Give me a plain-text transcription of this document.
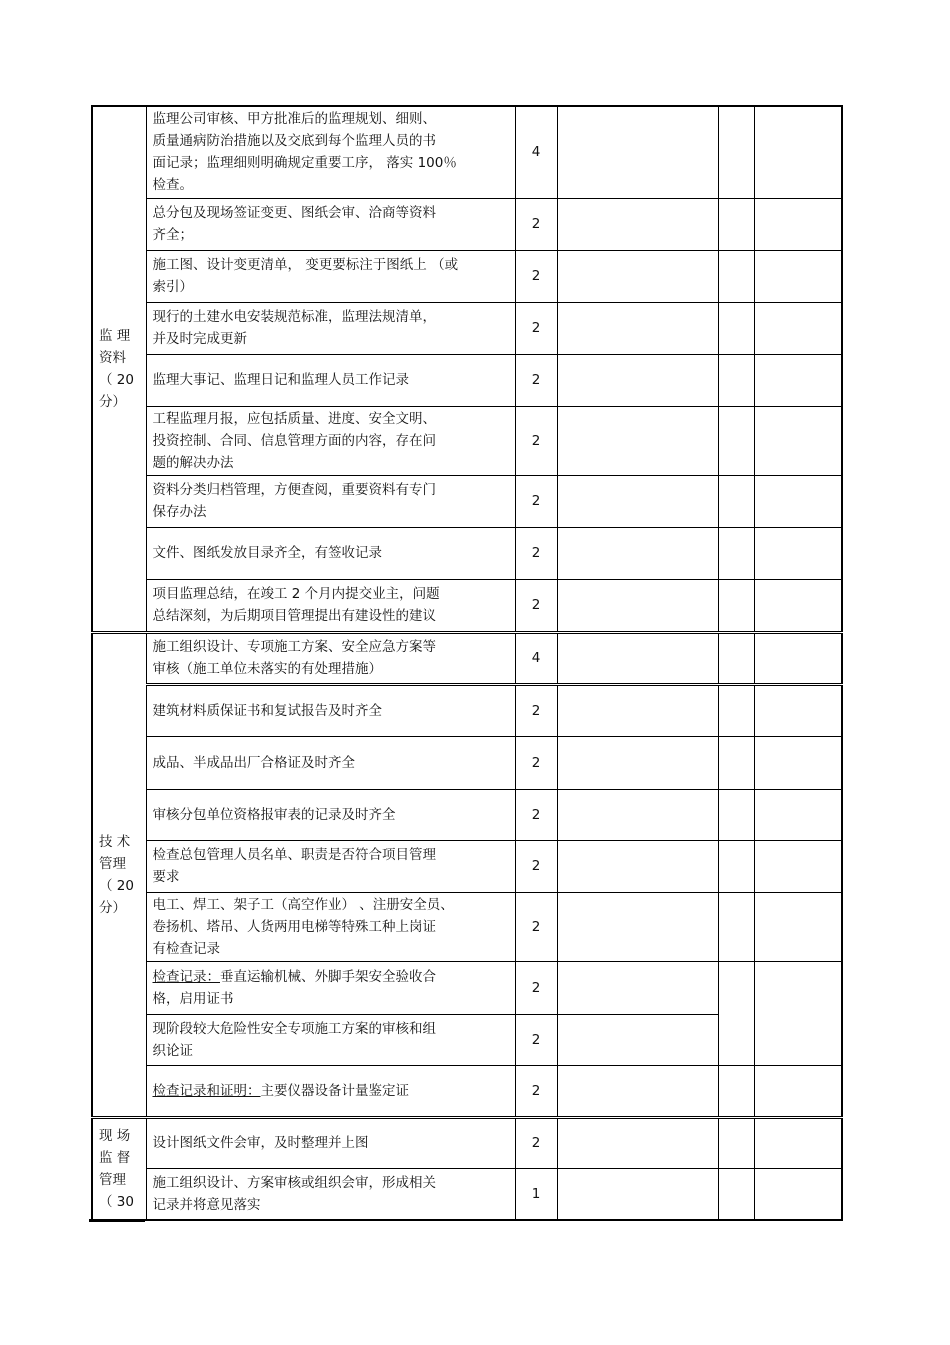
监 理
资料
（ 20
分）	监理公司审核、甲方批准后的监理规划、细则、
质量通病防治措施以及交底到每个监理人员的书
面记录；监理细则明确规定重要工序， 落实 100％
检查。	4			

	总分包及现场签证变更、图纸会审、洽商等资料
齐全；	2			

	施工图、设计变更清单， 变更要标注于图纸上 （或
索引）	2			

	现行的土建水电安装规范标准，监理法规清单，
并及时完成更新	2			

	监理大事记、监理日记和监理人员工作记录	2			

	工程监理月报，应包括质量、进度、安全文明、
投资控制、合同、信息管理方面的内容，存在问
题的解决办法	2			

	资料分类归档管理，方便查阅，重要资料有专门
保存办法	2			

	文件、图纸发放目录齐全，有签收记录	2			

	项目监理总结，在竣工 2 个月内提交业主，问题
总结深刻，为后期项目管理提出有建设性的建议	2			

技 术
管理
（ 20
分）	施工组织设计、专项施工方案、安全应急方案等
审核（施工单位未落实的有处理措施）	4			

	建筑材料质保证书和复试报告及时齐全	2			

	成品、半成品出厂合格证及时齐全	2			

	审核分包单位资格报审表的记录及时齐全	2			

	检查总包管理人员名单、职责是否符合项目管理
要求	2			

	电工、焊工、架子工（高空作业） 、注册安全员、
卷扬机、塔吊、人货两用电梯等特殊工种上岗证
有检查记录	2			

	检查记录：垂直运输机械、外脚手架安全验收合
格，启用证书	2			

	现阶段较大危险性安全专项施工方案的审核和组
织论证	2			

	检查记录和证明：主要仪器设备计量鉴定证	2			

现 场
监 督
管理
（ 30	设计图纸文件会审，及时整理并上图	2			

	施工组织设计、方案审核或组织会审，形成相关
记录并将意见落实	1			
